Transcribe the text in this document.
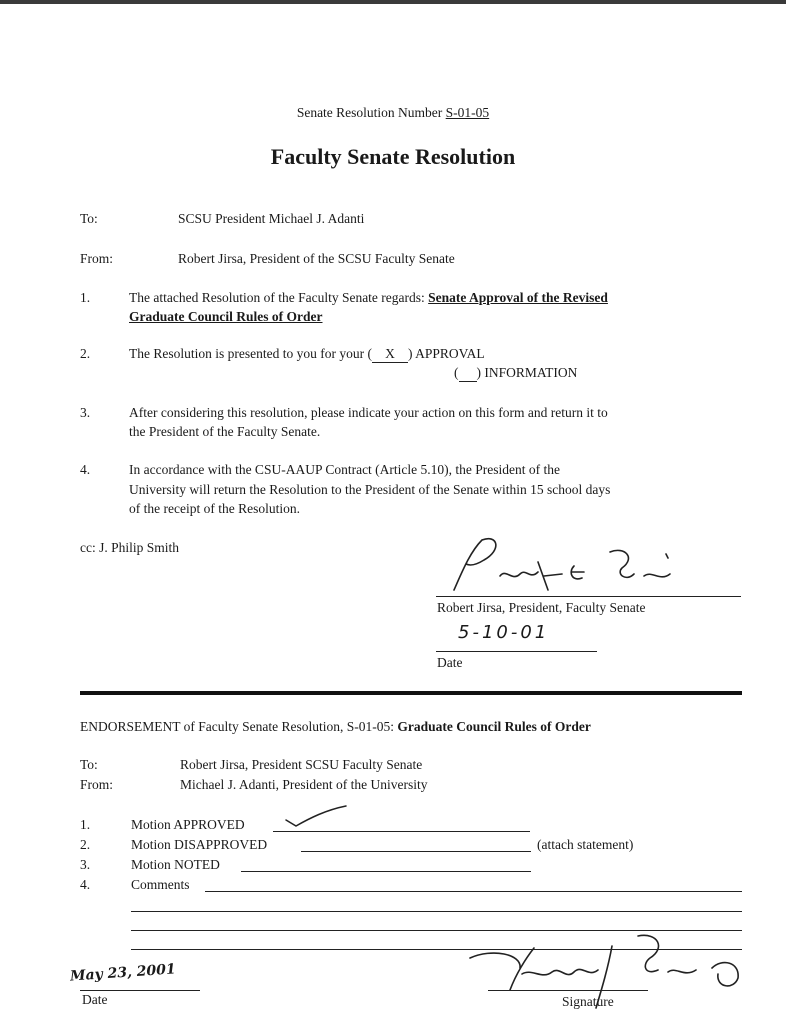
Senate Resolution Number S-01-05
Faculty Senate Resolution
To:	SCSU President Michael J. Adanti
From:	Robert Jirsa, President of the SCSU Faculty Senate
1.	The attached Resolution of the Faculty Senate regards: Senate Approval of the Revised
Graduate Council Rules of Order
2.	The Resolution is presented to you for your ( X ) APPROVAL
( ) INFORMATION
3.	After considering this resolution, please indicate your action on this form and return it to
the President of the Faculty Senate.
4.	In accordance with the CSU-AAUP Contract (Article 5.10), the President of the
University will return the Resolution to the President of the Senate within 15 school days
of the receipt of the Resolution.
cc: J. Philip Smith
Robert Jirsa, President, Faculty Senate
5-10-01
Date
ENDORSEMENT of Faculty Senate Resolution, S-01-05: Graduate Council Rules of Order
To:	Robert Jirsa, President SCSU Faculty Senate
From:	Michael J. Adanti, President of the University
1.	Motion APPROVED
2.	Motion DISAPPROVED	(attach statement)
3.	Motion NOTED
4.	Comments
May 23, 2001
Date	Signature
